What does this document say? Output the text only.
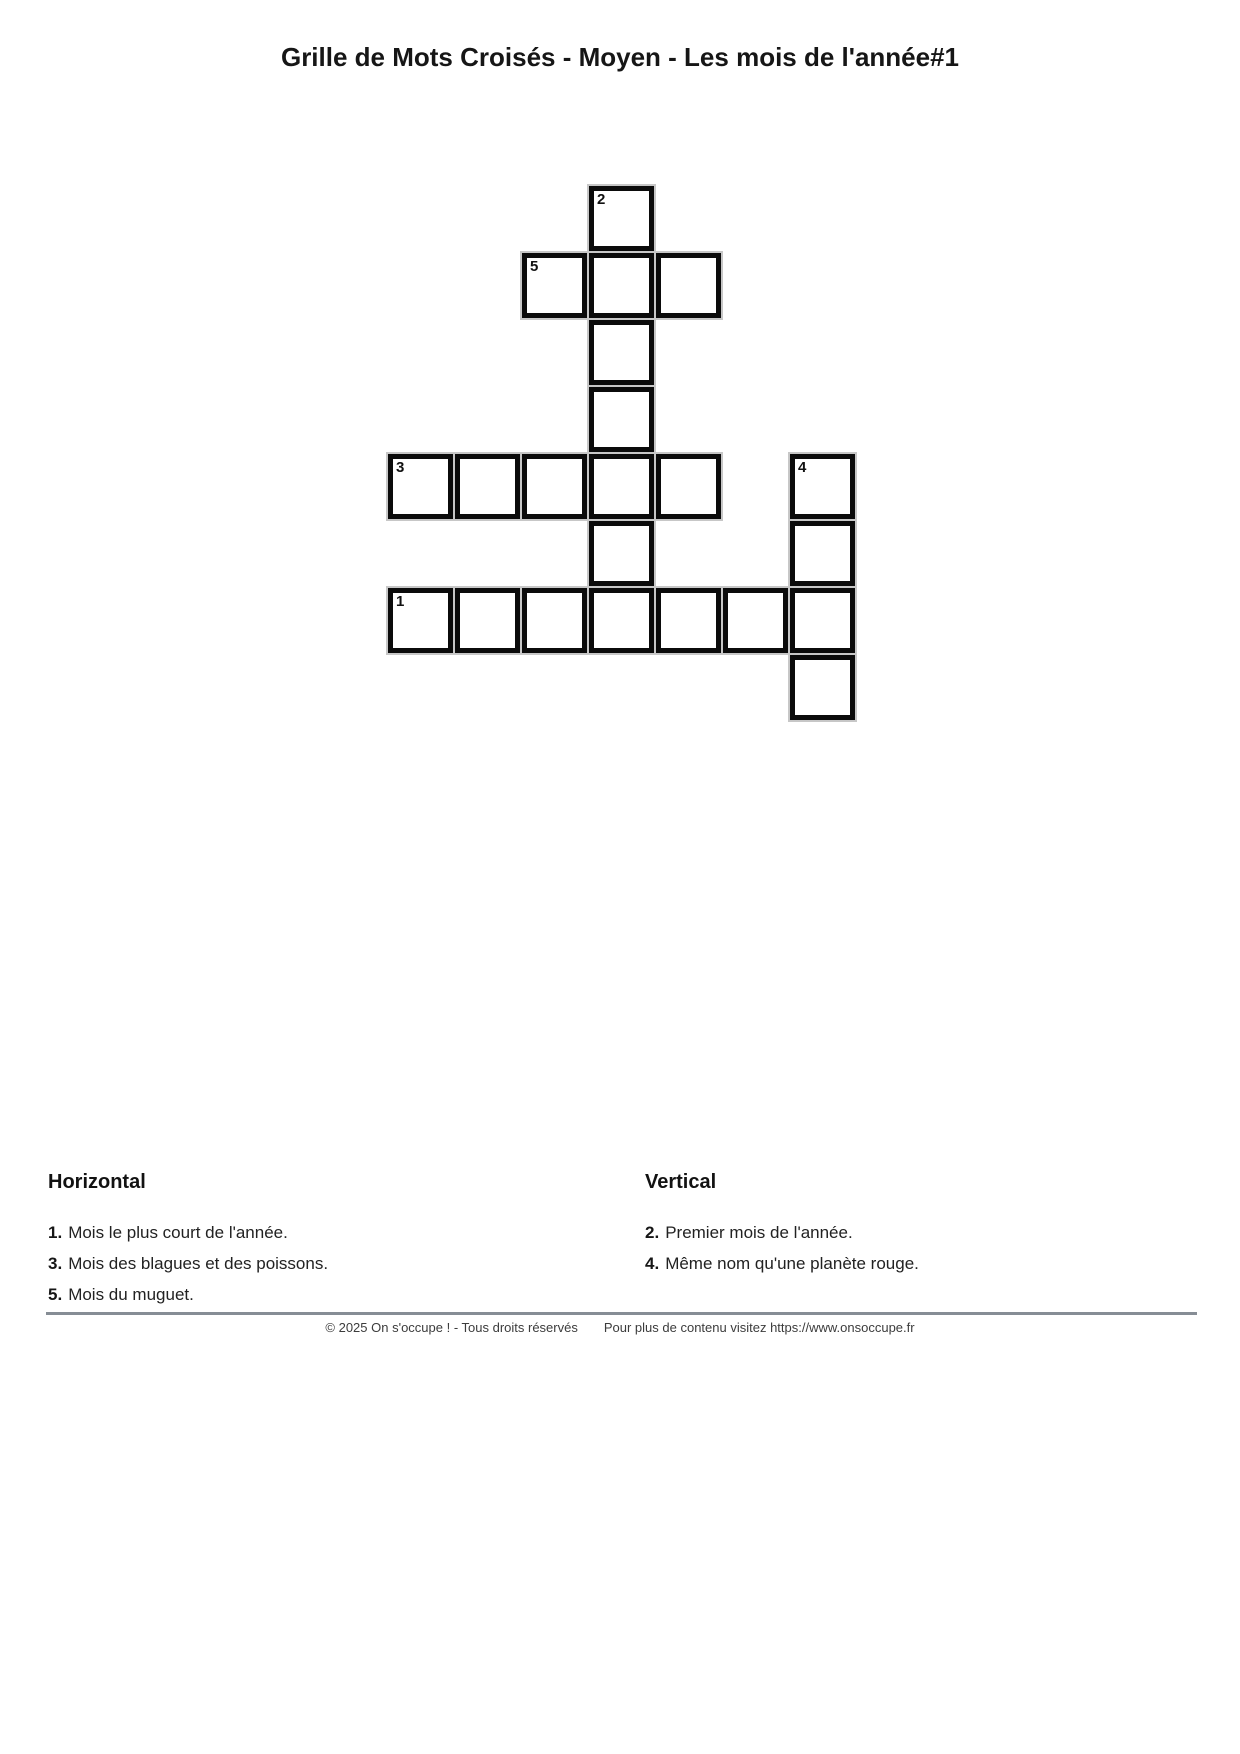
Grille de Mots Croisés - Moyen - Les mois de l'année#1
2
5
3	4
1
Horizontal

1. Mois le plus court de l'année.

3. Mois des blagues et des poissons.

5. Mois du muguet.

Vertical

2. Premier mois de l'année.

4. Même nom qu'une planète rouge.

© 2025 On s'occupe ! - Tous droits réservés Pour plus de contenu visitez https://www.onsoccupe.fr
